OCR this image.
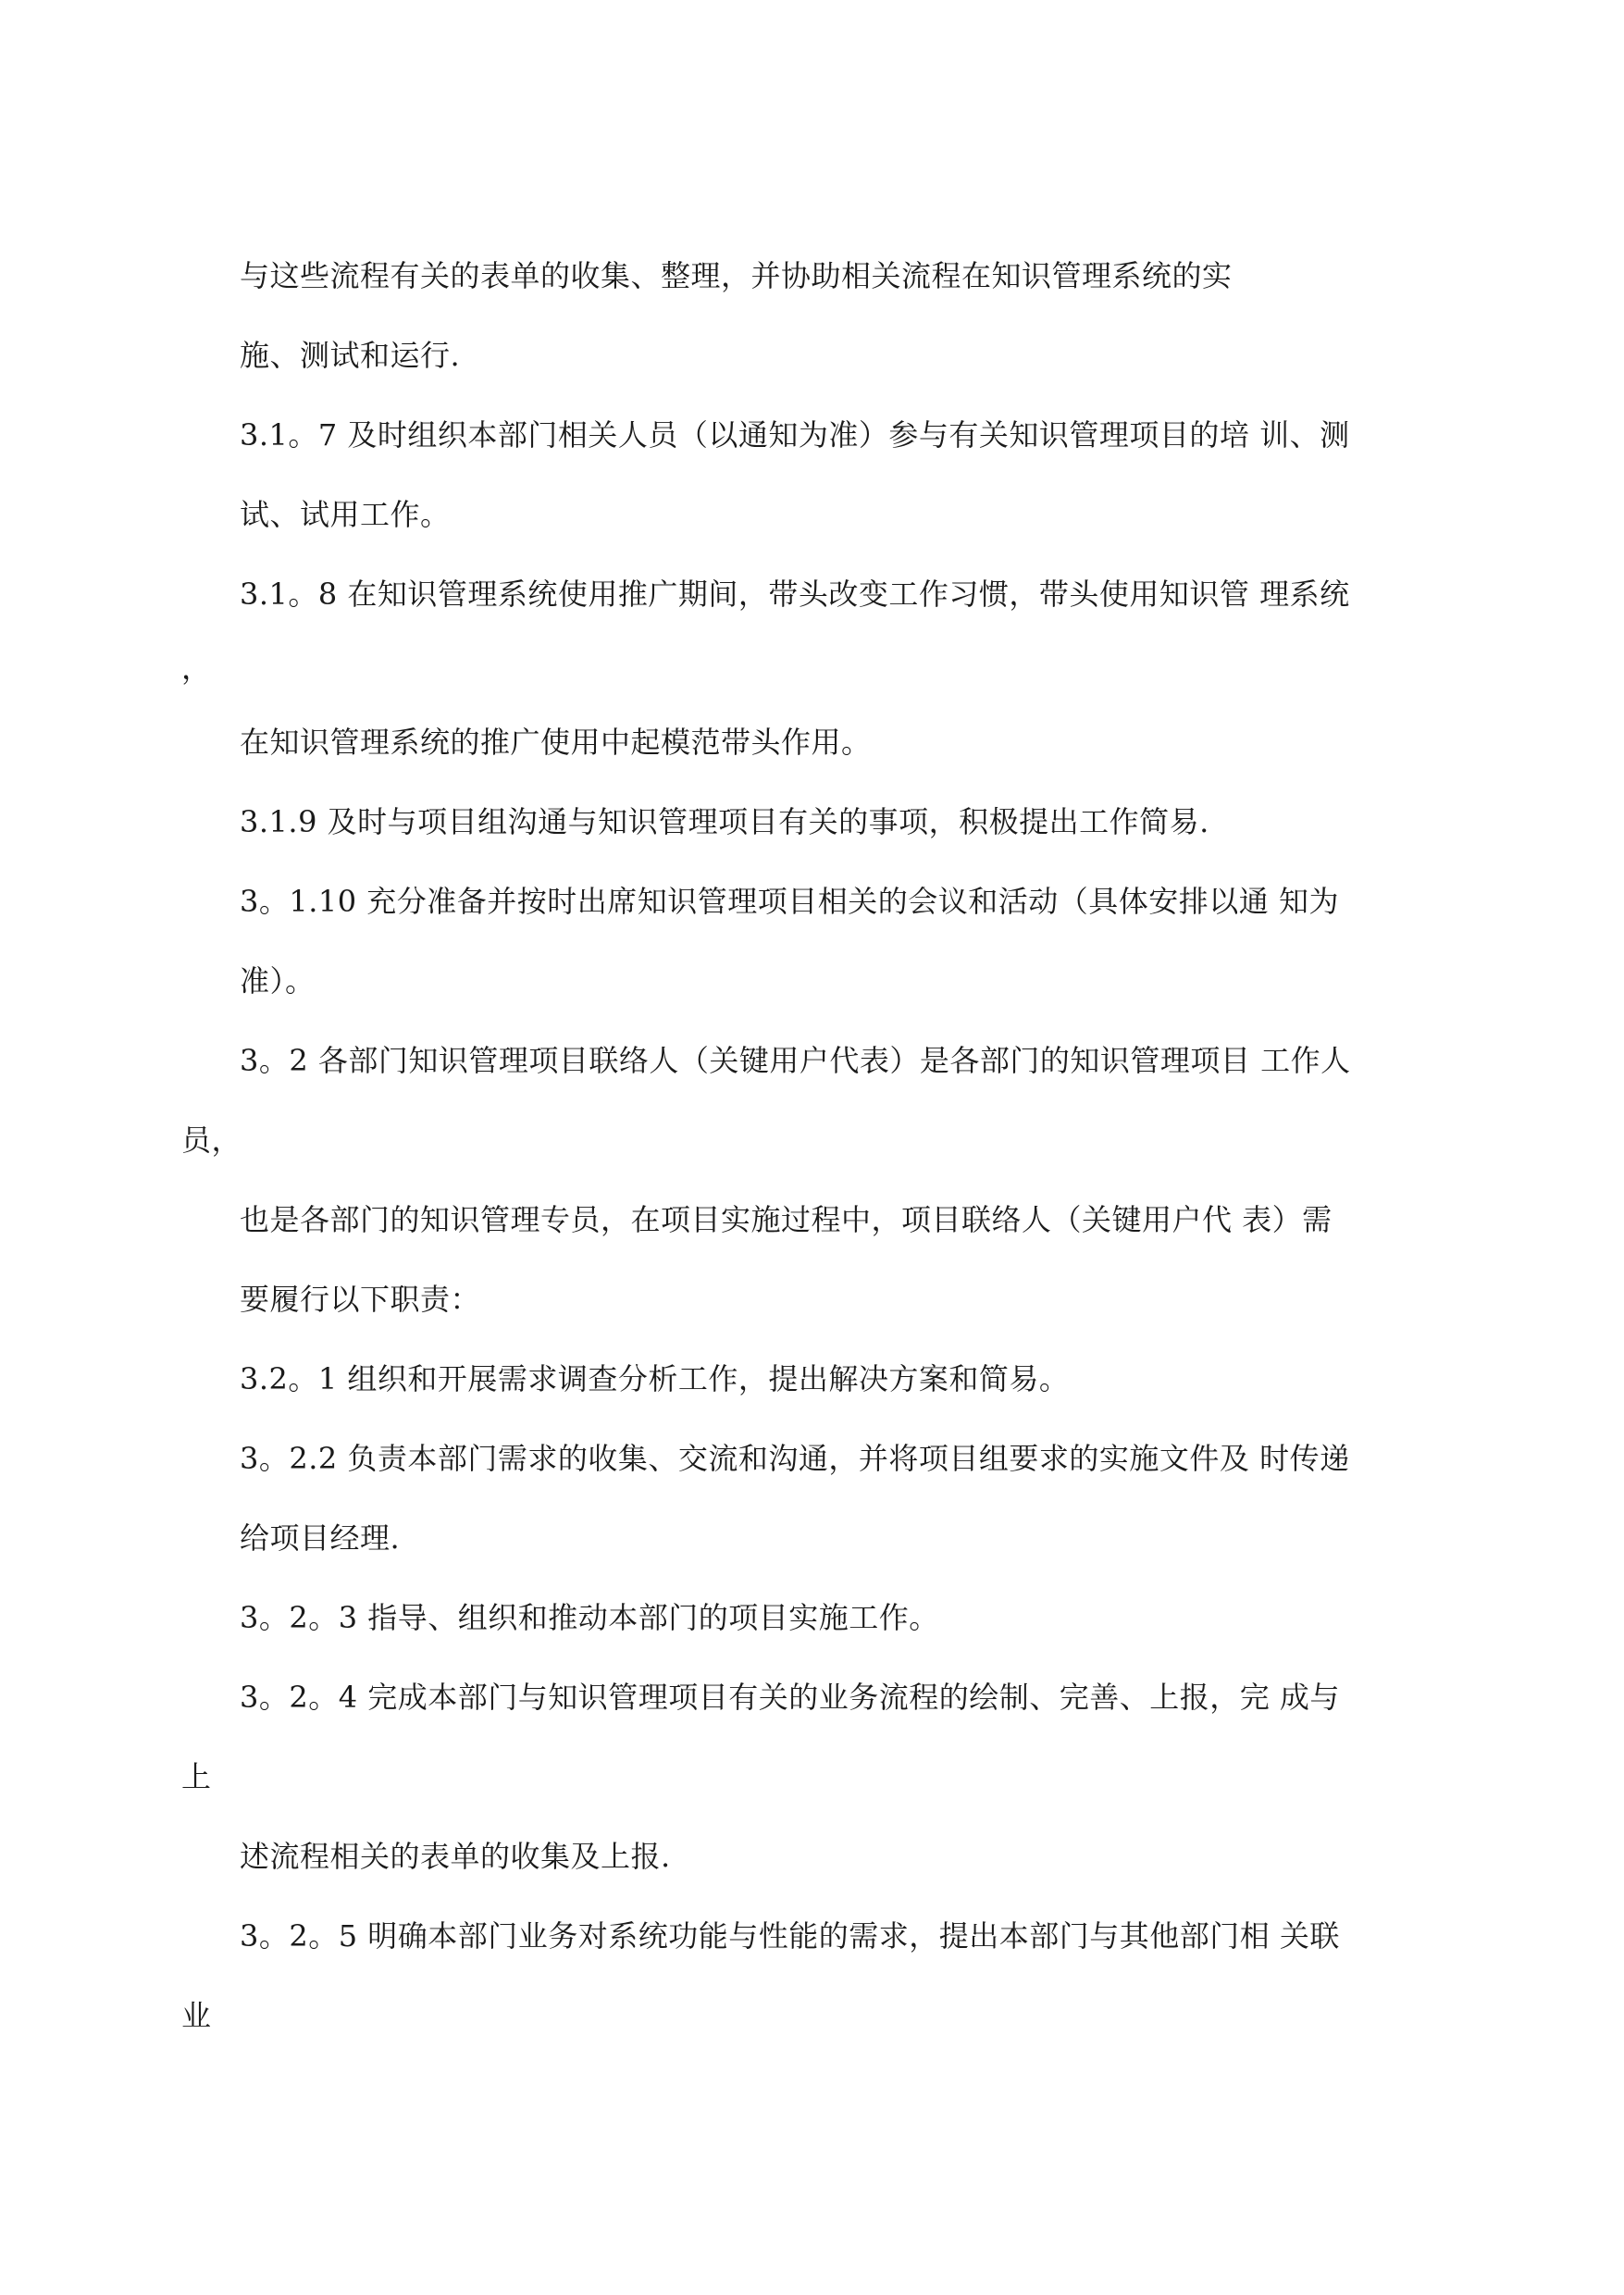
与这些流程有关的表单的收集、整理，并协助相关流程在知识管理系统的实
施、测试和运行.
3.1。7 及时组织本部门相关人员（以通知为准）参与有关知识管理项目的培 训、测
试、试用工作。
3.1。8 在知识管理系统使用推广期间，带头改变工作习惯，带头使用知识管 理系统
，
在知识管理系统的推广使用中起模范带头作用。
3.1.9 及时与项目组沟通与知识管理项目有关的事项，积极提出工作简易.
3。1.10 充分准备并按时出席知识管理项目相关的会议和活动（具体安排以通 知为
准）。
3。2 各部门知识管理项目联络人（关键用户代表）是各部门的知识管理项目 工作人
员，
也是各部门的知识管理专员，在项目实施过程中，项目联络人（关键用户代 表）需
要履行以下职责：
3.2。1 组织和开展需求调查分析工作，提出解决方案和简易。
3。2.2 负责本部门需求的收集、交流和沟通，并将项目组要求的实施文件及 时传递
给项目经理.
3。2。3 指导、组织和推动本部门的项目实施工作。
3。2。4 完成本部门与知识管理项目有关的业务流程的绘制、完善、上报，完 成与
上
述流程相关的表单的收集及上报.
3。2。5 明确本部门业务对系统功能与性能的需求，提出本部门与其他部门相 关联
业
